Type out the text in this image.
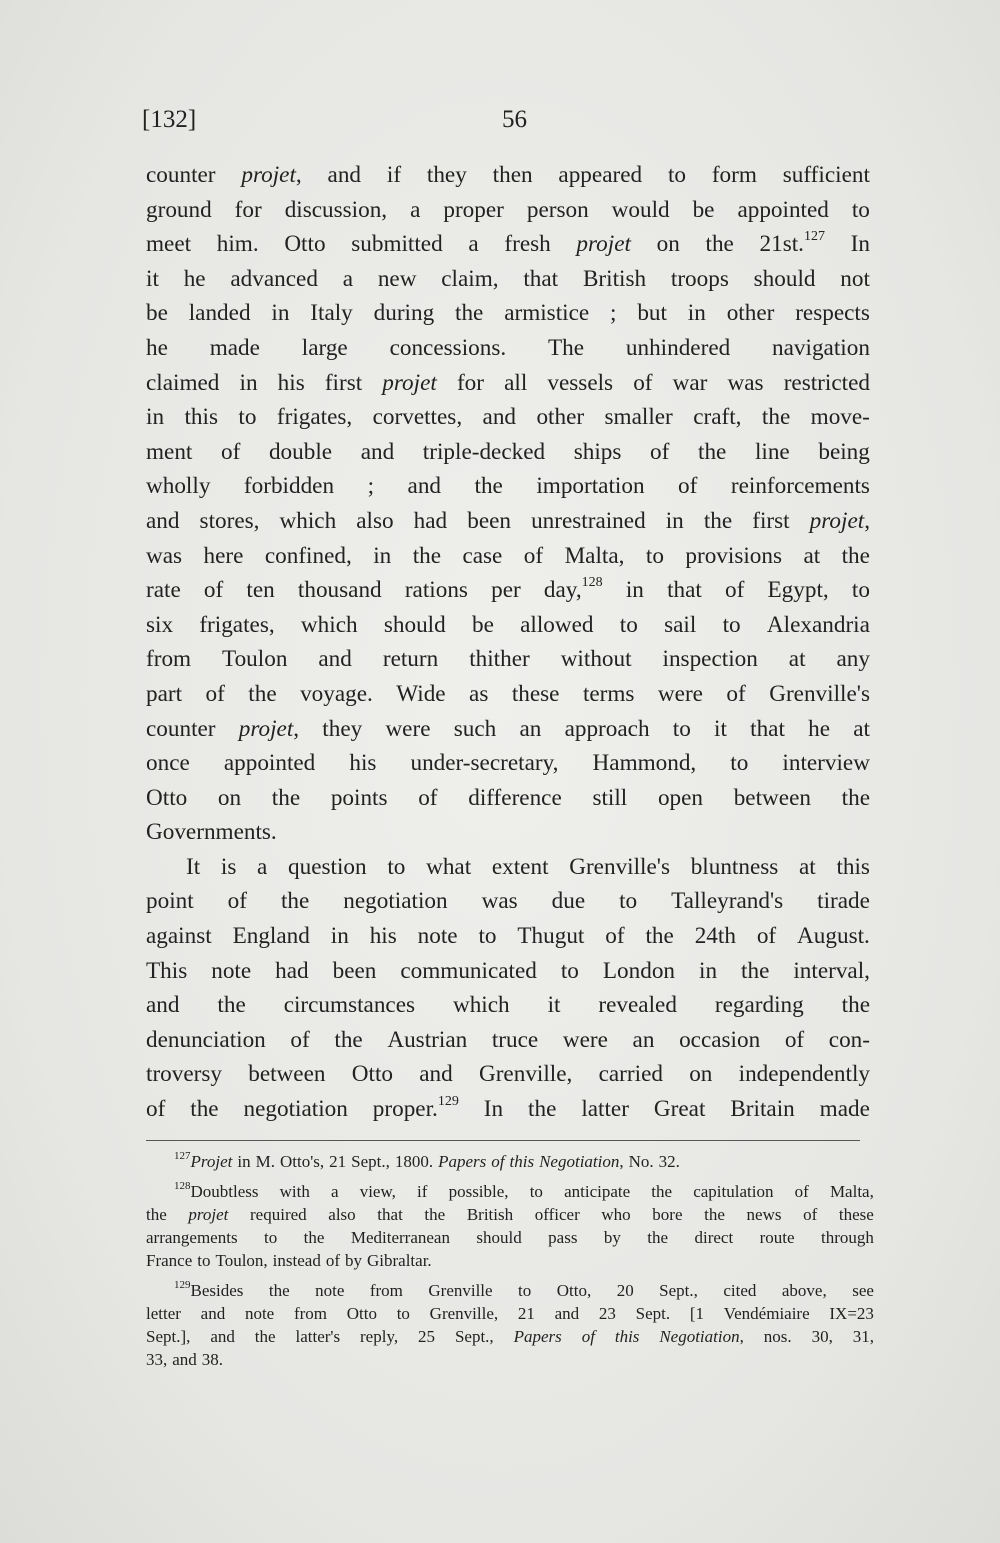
[132]	56
counter projet, and if they then appeared to form sufficient
ground for discussion, a proper person would be appointed to
meet him. Otto submitted a fresh projet on the 21st.$^{127}$ In
it he advanced a new claim, that British troops should not
be landed in Italy during the armistice ; but in other respects
he made large concessions. The unhindered navigation
claimed in his first projet for all vessels of war was restricted
in this to frigates, corvettes, and other smaller craft, the move-
ment of double and triple-decked ships of the line being
wholly forbidden ; and the importation of reinforcements
and stores, which also had been unrestrained in the first projet,
was here confined, in the case of Malta, to provisions at the
rate of ten thousand rations per day,$^{128}$ in that of Egypt, to
six frigates, which should be allowed to sail to Alexandria
from Toulon and return thither without inspection at any
part of the voyage. Wide as these terms were of Grenville's
counter projet, they were such an approach to it that he at
once appointed his under-secretary, Hammond, to interview
Otto on the points of difference still open between the
Governments.
It is a question to what extent Grenville's bluntness at this
point of the negotiation was due to Talleyrand's tirade
against England in his note to Thugut of the 24th of August.
This note had been communicated to London in the interval,
and the circumstances which it revealed regarding the
denunciation of the Austrian truce were an occasion of con-
troversy between Otto and Grenville, carried on independently
of the negotiation proper.$^{129}$ In the latter Great Britain made
$^{127}$Projet in M. Otto's, 21 Sept., 1800. Papers of this Negotiation, No. 32.
$^{128}$Doubtless with a view, if possible, to anticipate the capitulation of Malta,
the projet required also that the British officer who bore the news of these
arrangements to the Mediterranean should pass by the direct route through
France to Toulon, instead of by Gibraltar.
$^{129}$Besides the note from Grenville to Otto, 20 Sept., cited above, see
letter and note from Otto to Grenville, 21 and 23 Sept. [1 Vendémiaire IX=23
Sept.], and the latter's reply, 25 Sept., Papers of this Negotiation, nos. 30, 31,
33, and 38.
